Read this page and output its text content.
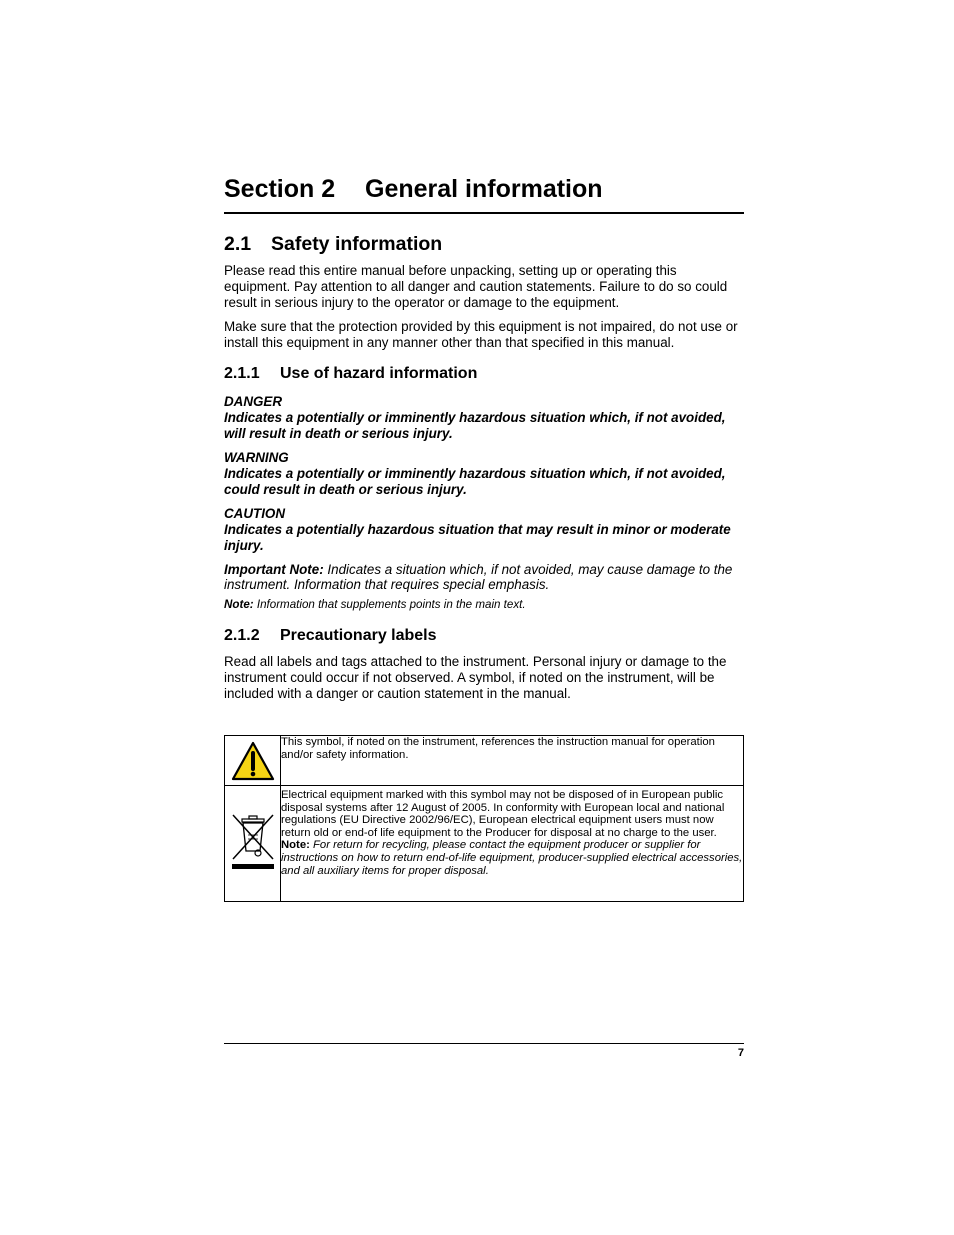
Section 2 General information
2.1 Safety information

Please read this entire manual before unpacking, setting up or operating this equipment. Pay attention to all danger and caution statements. Failure to do so could result in serious injury to the operator or damage to the equipment.

Make sure that the protection provided by this equipment is not impaired, do not use or install this equipment in any manner other than that specified in this manual.

2.1.1 Use of hazard information

DANGER

Indicates a potentially or imminently hazardous situation which, if not avoided, will result in death or serious injury.

WARNING

Indicates a potentially or imminently hazardous situation which, if not avoided, could result in death or serious injury.

CAUTION

Indicates a potentially hazardous situation that may result in minor or moderate injury.

Important Note: Indicates a situation which, if not avoided, may cause damage to the instrument. Information that requires special emphasis.

Note: Information that supplements points in the main text.

2.1.2 Precautionary labels

Read all labels and tags attached to the instrument. Personal injury or damage to the instrument could occur if not observed. A symbol, if noted on the instrument, will be included with a danger or caution statement in the manual.

	This symbol, if noted on the instrument, references the instruction manual for operation and/or safety information.

	Electrical equipment marked with this symbol may not be disposed of in European public disposal systems after 12 August of 2005. In conformity with European local and national regulations (EU Directive 2002/96/EC), European electrical equipment users must now return old or end-of life equipment to the Producer for disposal at no charge to the user.
Note: For return for recycling, please contact the equipment producer or supplier for instructions on how to return end-of-life equipment, producer-supplied electrical accessories, and all auxiliary items for proper disposal.
7
